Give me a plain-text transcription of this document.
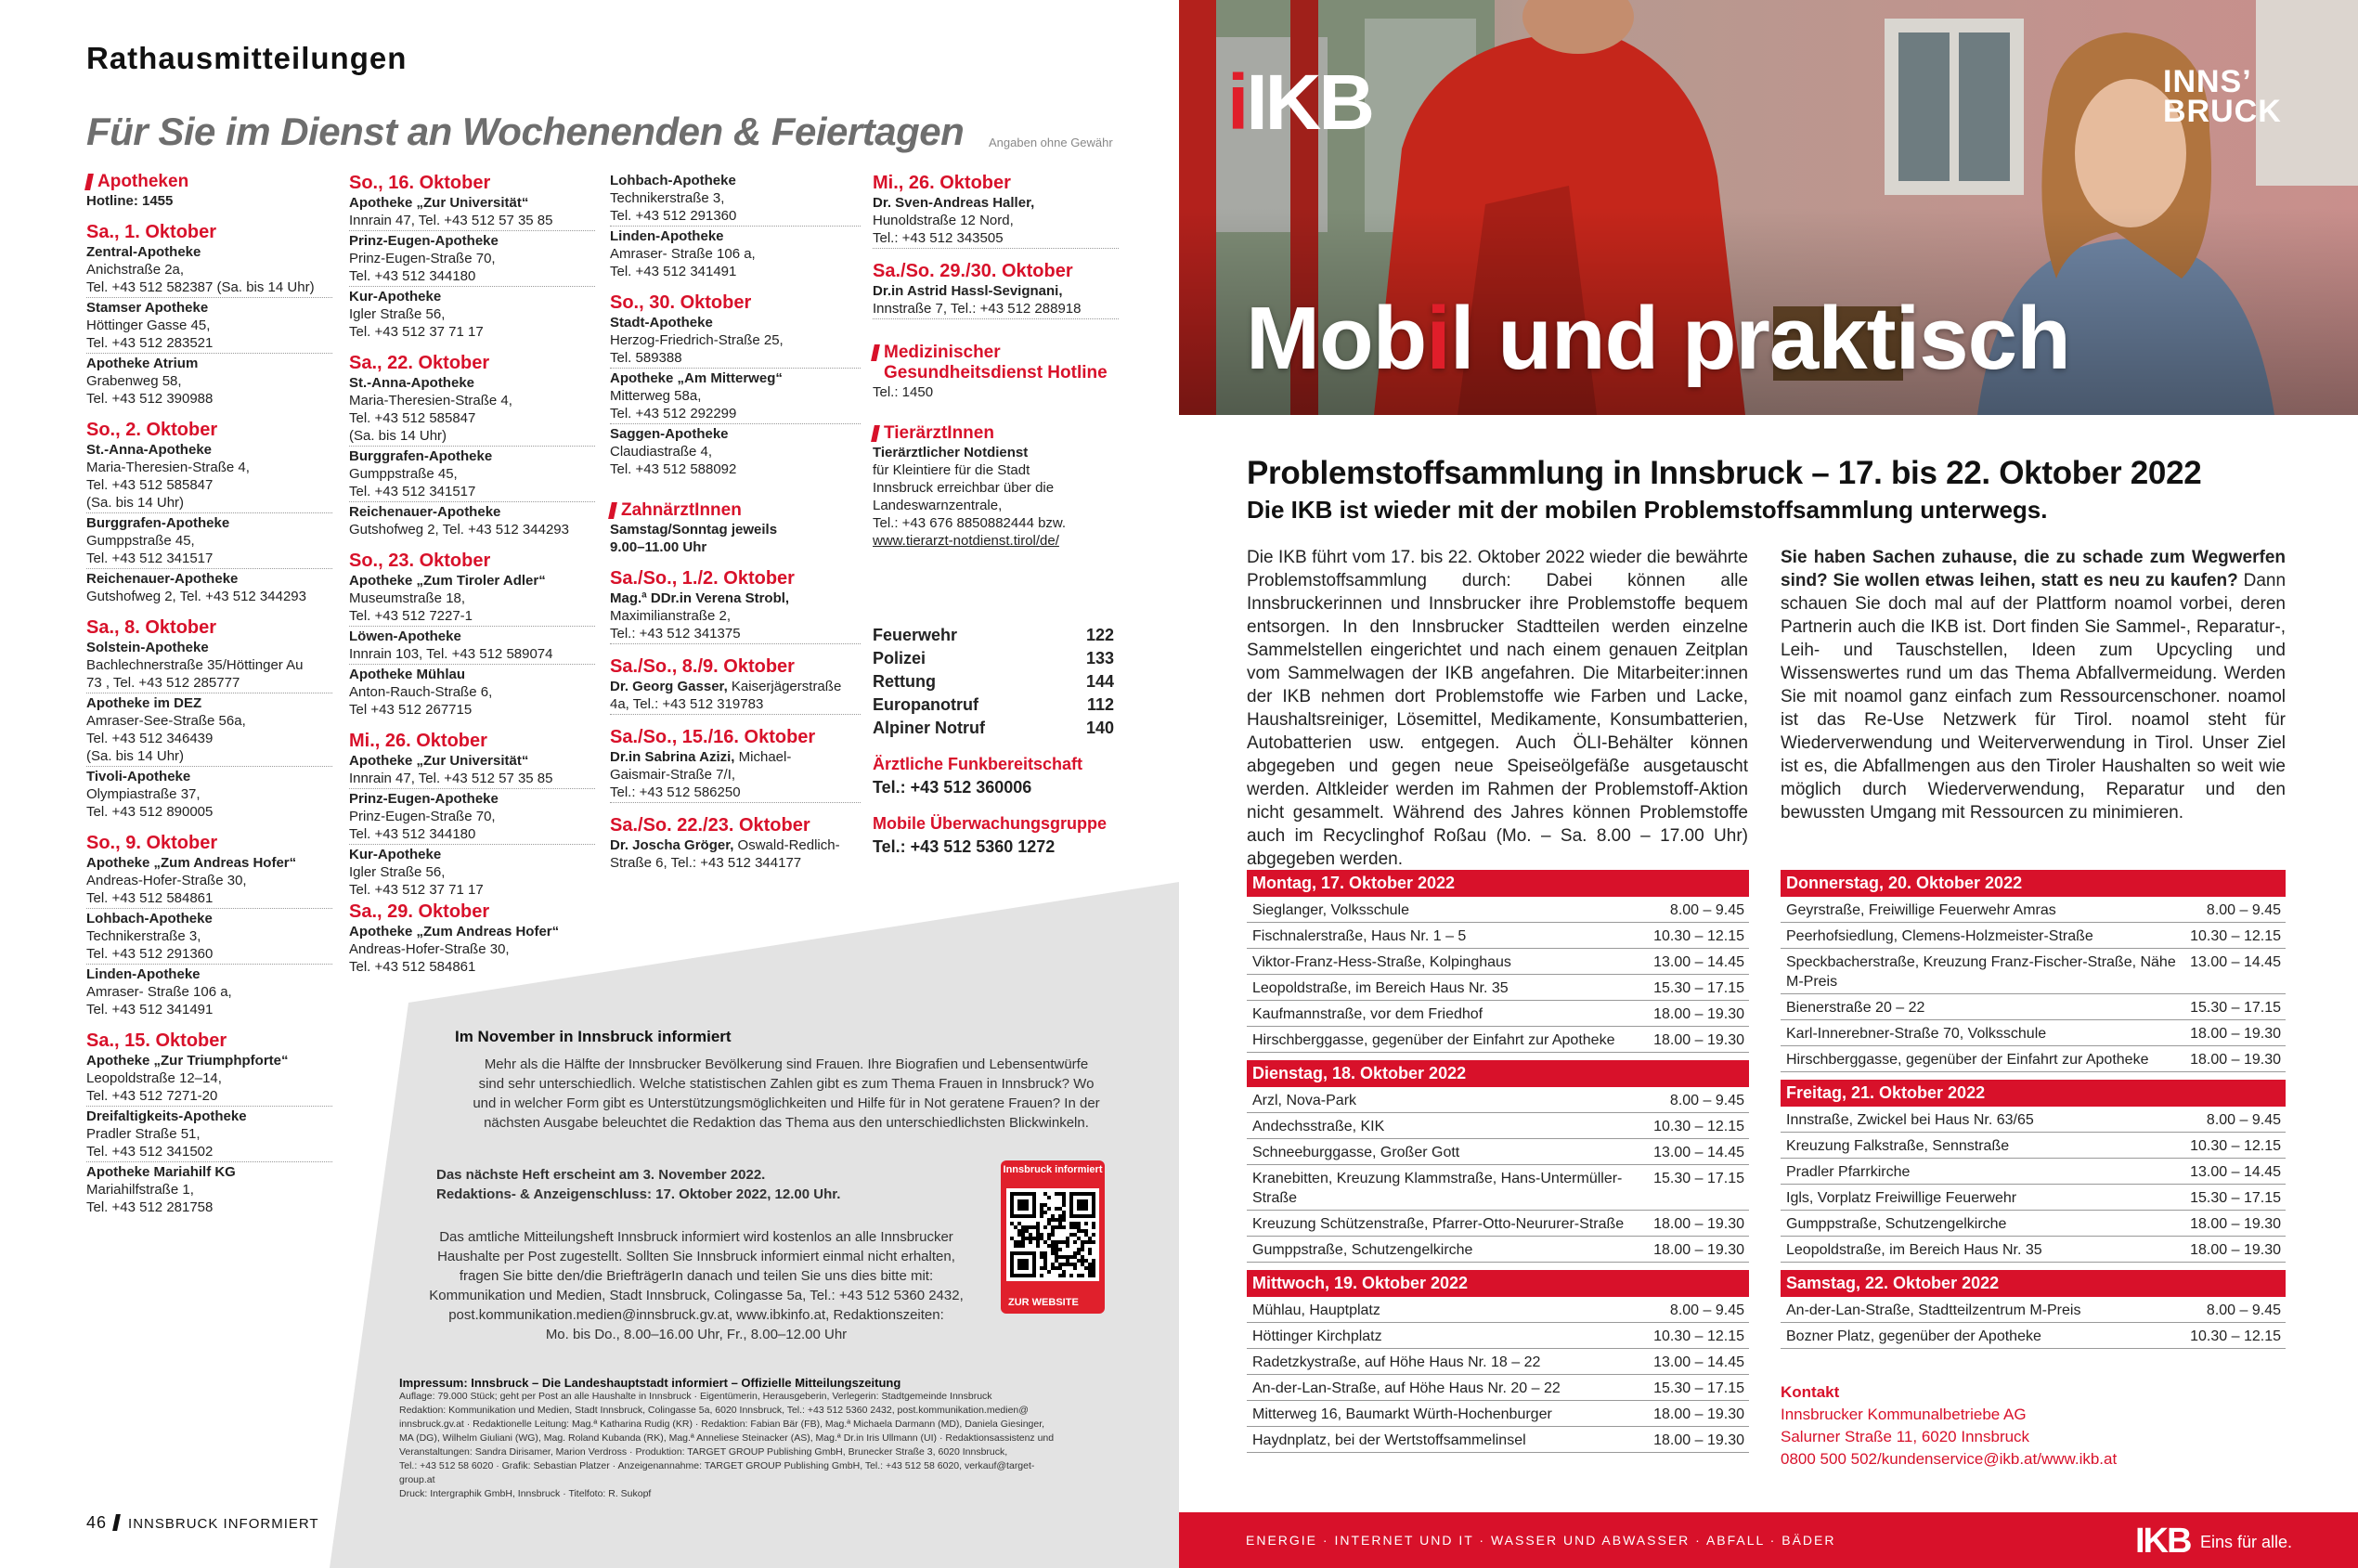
Rathausmitteilungen
Für Sie im Dienst an Wochenenden & Feiertagen Angaben ohne Gewähr
Apotheken
Hotline: 1455
Sa., 1. Oktober
Zentral-Apotheke
Anichstraße 2a,
Tel. +43 512 582387 (Sa. bis 14 Uhr)
Stamser Apotheke
Höttinger Gasse 45,
Tel. +43 512 283521
Apotheke Atrium
Grabenweg 58,
Tel. +43 512 390988
So., 2. Oktober
St.-Anna-Apotheke
Maria-Theresien-Straße 4,
Tel. +43 512 585847
(Sa. bis 14 Uhr)
Burggrafen-Apotheke
Gumppstraße 45,
Tel. +43 512 341517
Reichenauer-Apotheke
Gutshofweg 2, Tel. +43 512 344293
Sa., 8. Oktober
Solstein-Apotheke
Bachlechnerstraße 35/Höttinger Au
73 , Tel. +43 512 285777
Apotheke im DEZ
Amraser-See-Straße 56a,
Tel. +43 512 346439
(Sa. bis 14 Uhr)
Tivoli-Apotheke
Olympiastraße 37,
Tel. +43 512 890005
So., 9. Oktober
Apotheke „Zum Andreas Hofer“
Andreas-Hofer-Straße 30,
Tel. +43 512 584861
Lohbach-Apotheke
Technikerstraße 3,
Tel. +43 512 291360
Linden-Apotheke
Amraser- Straße 106 a,
Tel. +43 512 341491
Sa., 15. Oktober
Apotheke „Zur Triumphpforte“
Leopoldstraße 12–14,
Tel. +43 512 7271-20
Dreifaltigkeits-Apotheke
Pradler Straße 51,
Tel. +43 512 341502
Apotheke Mariahilf KG
Mariahilfstraße 1,
Tel. +43 512 281758
So., 16. Oktober
Apotheke „Zur Universität“
Innrain 47, Tel. +43 512 57 35 85
Prinz-Eugen-Apotheke
Prinz-Eugen-Straße 70,
Tel. +43 512 344180
Kur-Apotheke
Igler Straße 56,
Tel. +43 512 37 71 17
Sa., 22. Oktober
St.-Anna-Apotheke
Maria-Theresien-Straße 4,
Tel. +43 512 585847
(Sa. bis 14 Uhr)
Burggrafen-Apotheke
Gumppstraße 45,
Tel. +43 512 341517
Reichenauer-Apotheke
Gutshofweg 2, Tel. +43 512 344293
So., 23. Oktober
Apotheke „Zum Tiroler Adler“
Museumstraße 18,
Tel. +43 512 7227-1
Löwen-Apotheke
Innrain 103, Tel. +43 512 589074
Apotheke Mühlau
Anton-Rauch-Straße 6,
Tel +43 512 267715
Mi., 26. Oktober
Apotheke „Zur Universität“
Innrain 47, Tel. +43 512 57 35 85
Prinz-Eugen-Apotheke
Prinz-Eugen-Straße 70,
Tel. +43 512 344180
Kur-Apotheke
Igler Straße 56,
Tel. +43 512 37 71 17
Sa., 29. Oktober
Apotheke „Zum Andreas Hofer“
Andreas-Hofer-Straße 30,
Tel. +43 512 584861
Lohbach-Apotheke
Technikerstraße 3,
Tel. +43 512 291360
Linden-Apotheke
Amraser- Straße 106 a,
Tel. +43 512 341491
So., 30. Oktober
Stadt-Apotheke
Herzog-Friedrich-Straße 25,
Tel. 589388
Apotheke „Am Mitterweg“
Mitterweg 58a,
Tel. +43 512 292299
Saggen-Apotheke
Claudiastraße 4,
Tel. +43 512 588092
ZahnärztInnen
Samstag/Sonntag jeweils
9.00–11.00 Uhr
Sa./So., 1./2. Oktober
Mag.ª DDr.in Verena Strobl,
Maximilianstraße 2,
Tel.: +43 512 341375
Sa./So., 8./9. Oktober
Dr. Georg Gasser, Kaiserjägerstraße
4a, Tel.: +43 512 319783
Sa./So., 15./16. Oktober
Dr.in Sabrina Azizi, Michael-
Gaismair-Straße 7/I,
Tel.: +43 512 586250
Sa./So. 22./23. Oktober
Dr. Joscha Gröger, Oswald-Redlich-
Straße 6, Tel.: +43 512 344177
Mi., 26. Oktober
Dr. Sven-Andreas Haller,
Hunoldstraße 12 Nord,
Tel.: +43 512 343505
Sa./So. 29./30. Oktober
Dr.in Astrid Hassl-Sevignani,
Innstraße 7, Tel.: +43 512 288918
Medizinischer Gesundheitsdienst Hotline
Tel.: 1450
TierärztInnen
Tierärztlicher Notdienst
für Kleintiere für die Stadt
Innsbruck erreichbar über die
Landeswarnzentrale,
Tel.: +43 676 8850882444 bzw.
www.tierarzt-notdienst.tirol/de/
Feuerwehr	122
Polizei	133
Rettung	144
Europanotruf	112
Alpiner Notruf	140
Ärztliche Funkbereitschaft
Tel.: +43 512 360006
Mobile Überwachungsgruppe
Tel.: +43 512 5360 1272
Im November in Innsbruck informiert

Mehr als die Hälfte der Innsbrucker Bevölkerung sind Frauen. Ihre Biografien und Lebensentwürfe

sind sehr unterschiedlich. Welche statistischen Zahlen gibt es zum Thema Frauen in Innsbruck? Wo

und in welcher Form gibt es Unterstützungsmöglichkeiten und Hilfe für in Not geratene Frauen? In der

nächsten Ausgabe beleuchtet die Redaktion das Thema aus den unterschiedlichsten Blickwinkeln.

Das nächste Heft erscheint am 3. November 2022.

Redaktions- & Anzeigenschluss: 17. Oktober 2022, 12.00 Uhr.

Das amtliche Mitteilungsheft Innsbruck informiert wird kostenlos an alle Innsbrucker

Haushalte per Post zugestellt. Sollten Sie Innsbruck informiert einmal nicht erhalten,

fragen Sie bitte den/die BriefträgerIn danach und teilen Sie uns dies bitte mit:

Kommunikation und Medien, Stadt Innsbruck, Colingasse 5a, Tel.: +43 512 5360 2432,

post.kommunikation.medien@innsbruck.gv.at, www.ibkinfo.at, Redaktionszeiten:

Mo. bis Do., 8.00–16.00 Uhr, Fr., 8.00–12.00 Uhr

Innsbruck informiert
ZUR WEBSITE
Impressum: Innsbruck – Die Landeshauptstadt informiert – Offizielle Mitteilungszeitung

Auflage: 79.000 Stück; geht per Post an alle Haushalte in Innsbruck · Eigentümerin, Herausgeberin, Verlegerin: Stadtgemeinde Innsbruck

Redaktion: Kommunikation und Medien, Stadt Innsbruck, Colingasse 5a, 6020 Innsbruck, Tel.: +43 512 5360 2432, post.kommunikation.medien@

innsbruck.gv.at · Redaktionelle Leitung: Mag.ª Katharina Rudig (KR) · Redaktion: Fabian Bär (FB), Mag.ª Michaela Darmann (MD), Daniela Giesinger,

MA (DG), Wilhelm Giuliani (WG), Mag. Roland Kubanda (RK), Mag.ª Anneliese Steinacker (AS), Mag.ª Dr.in Iris Ullmann (UI) · Redaktionsassistenz und

Veranstaltungen: Sandra Dirisamer, Marion Verdross · Produktion: TARGET GROUP Publishing GmbH, Brunecker Straße 3, 6020 Innsbruck,

Tel.: +43 512 58 6020 · Grafik: Sebastian Platzer · Anzeigenannahme: TARGET GROUP Publishing GmbH, Tel.: +43 512 58 6020, verkauf@target-group.at

Druck: Intergraphik GmbH, Innsbruck · Titelfoto: R. Sukopf

46 INNSBRUCK INFORMIERT
iIKB	INNS’
BRUCK
Mobil und praktisch
Problemstoffsammlung in Innsbruck – 17. bis 22. Oktober 2022
Die IKB ist wieder mit der mobilen Problemstoffsammlung unterwegs.
Die IKB führt vom 17. bis 22. Oktober 2022 wieder die bewährte Problemstoffsammlung durch: Dabei können alle Innsbruckerinnen und Innsbrucker ihre Problemstoffe bequem entsorgen. In den Innsbrucker Stadtteilen werden einzelne Sammelstellen eingerichtet und nach einem genauen Zeitplan vom Sammelwagen der IKB angefahren. Die Mitarbeiter:innen der IKB nehmen dort Problemstoffe wie Farben und Lacke, Haushaltsreiniger, Lösemittel, Medikamente, Konsumbatterien, Autobatterien usw. entgegen. Auch ÖLI-Behälter können abgegeben und gegen neue Speiseölgefäße ausgetauscht werden. Altkleider werden im Rahmen der Problemstoff-Aktion nicht gesammelt. Während des Jahres können Problemstoffe auch im Recyclinghof Roßau (Mo. – Sa. 8.00 – 17.00 Uhr) abgegeben werden.
Sie haben Sachen zuhause, die zu schade zum Wegwerfen sind? Sie wollen etwas leihen, statt es neu zu kaufen? Dann schauen Sie doch mal auf der Plattform noamol vorbei, deren Partnerin auch die IKB ist. Dort finden Sie Sammel-, Reparatur-, Leih- und Tauschstellen, Ideen zum Upcycling und Wissenswertes rund um das Thema Abfallvermeidung. Werden Sie mit noamol ganz einfach zum Ressourcenschoner. noamol ist das Re-Use Netzwerk für Tirol. noamol steht für Wiederverwendung und Weiterverwendung in Tirol. Unser Ziel ist es, die Abfallmengen aus den Tiroler Haushalten so weit wie möglich durch Wiederverwendung, Reparatur und den bewussten Umgang mit Ressourcen zu minimieren.
Montag, 17. Oktober 2022
Sieglanger, Volksschule	8.00 – 9.45
Fischnalerstraße, Haus Nr. 1 – 5	10.30 – 12.15
Viktor-Franz-Hess-Straße, Kolpinghaus	13.00 – 14.45
Leopoldstraße, im Bereich Haus Nr. 35	15.30 – 17.15
Kaufmannstraße, vor dem Friedhof	18.00 – 19.30
Hirschberggasse, gegenüber der Einfahrt zur Apotheke	18.00 – 19.30
Dienstag, 18. Oktober 2022
Arzl, Nova-Park	8.00 – 9.45
Andechsstraße, KIK	10.30 – 12.15
Schneeburggasse, Großer Gott	13.00 – 14.45
Kranebitten, Kreuzung Klammstraße, Hans-Untermüller-Straße
15.30 – 17.15
Kreuzung Schützenstraße, Pfarrer-Otto-Neururer-Straße	18.00 – 19.30
Gumppstraße, Schutzengelkirche	18.00 – 19.30
Mittwoch, 19. Oktober 2022
Mühlau, Hauptplatz	8.00 – 9.45
Höttinger Kirchplatz	10.30 – 12.15
Radetzkystraße, auf Höhe Haus Nr. 18 – 22	13.00 – 14.45
An-der-Lan-Straße, auf Höhe Haus Nr. 20 – 22	15.30 – 17.15
Mitterweg 16, Baumarkt Würth-Hochenburger	18.00 – 19.30
Haydnplatz, bei der Wertstoffsammelinsel	18.00 – 19.30
Donnerstag, 20. Oktober 2022
Geyrstraße, Freiwillige Feuerwehr Amras	8.00 – 9.45
Peerhofsiedlung, Clemens-Holzmeister-Straße	10.30 – 12.15
Speckbacherstraße, Kreuzung Franz-Fischer-Straße, Nähe M-Preis
13.00 – 14.45
Bienerstraße 20 – 22	15.30 – 17.15
Karl-Innerebner-Straße 70, Volksschule	18.00 – 19.30
Hirschberggasse, gegenüber der Einfahrt zur Apotheke	18.00 – 19.30
Freitag, 21. Oktober 2022
Innstraße, Zwickel bei Haus Nr. 63/65	8.00 – 9.45
Kreuzung Falkstraße, Sennstraße	10.30 – 12.15
Pradler Pfarrkirche	13.00 – 14.45
Igls, Vorplatz Freiwillige Feuerwehr	15.30 – 17.15
Gumppstraße, Schutzengelkirche	18.00 – 19.30
Leopoldstraße, im Bereich Haus Nr. 35	18.00 – 19.30
Samstag, 22. Oktober 2022
An-der-Lan-Straße, Stadtteilzentrum M-Preis	8.00 – 9.45
Bozner Platz, gegenüber der Apotheke	10.30 – 12.15
Kontakt
Innsbrucker Kommunalbetriebe AG
Salurner Straße 11, 6020 Innsbruck
0800 500 502/kundenservice@ikb.at/www.ikb.at
ENERGIE · INTERNET UND IT · WASSER UND ABWASSER · ABFALL · BÄDER	IKB Eins für alle.
